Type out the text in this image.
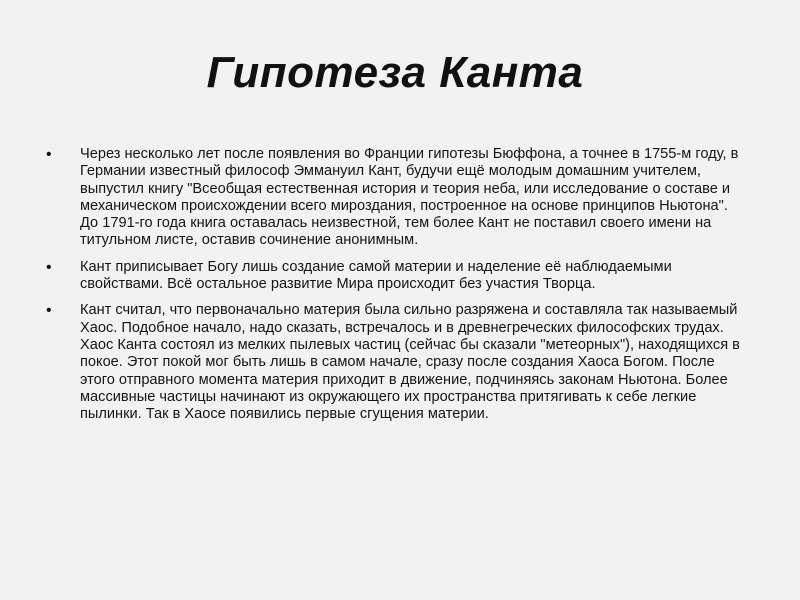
Гипотеза Канта
• Через несколько лет после появления во Франции гипотезы Бюффона, а точнее в 1755-м году, в Германии известный философ Эммануил Кант, будучи ещё молодым домашним учителем, выпустил книгу "Всеобщая естественная история и теория неба, или исследование о составе и механическом происхождении всего мироздания, построенное на основе принципов Ньютона". До 1791-го года книга оставалась неизвестной, тем более Кант не поставил своего имени на титульном листе, оставив сочинение анонимным.
• Кант приписывает Богу лишь создание самой материи и наделение её наблюдаемыми свойствами. Всё остальное развитие Мира происходит без участия Творца.
• Кант считал, что первоначально материя была сильно разряжена и составляла так называемый Хаос. Подобное начало, надо сказать, встречалось и в древнегреческих философских трудах. Хаос Канта состоял из мелких пылевых частиц (сейчас бы сказали "метеорных"), находящихся в покое. Этот покой мог быть лишь в самом начале, сразу после создания Хаоса Богом. После этого отправного момента материя приходит в движение, подчиняясь законам Ньютона. Более массивные частицы начинают из окружающего их пространства притягивать к себе легкие пылинки. Так в Хаосе появились первые сгущения материи.
